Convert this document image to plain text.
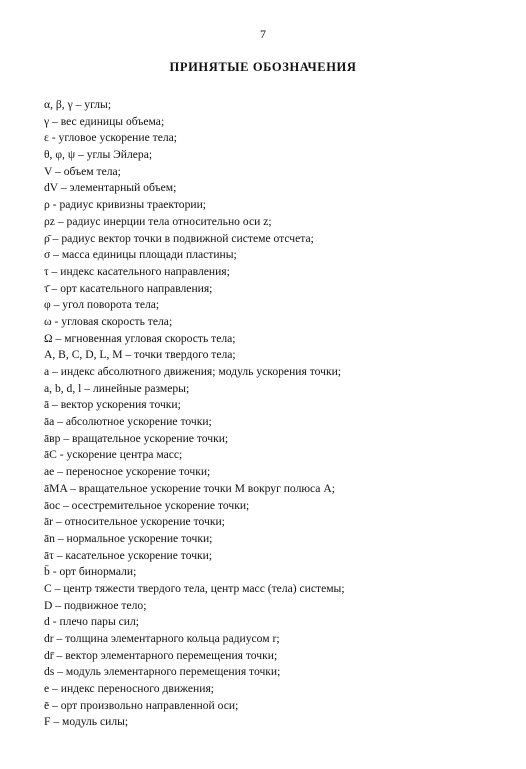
7
ПРИНЯТЫЕ ОБОЗНАЧЕНИЯ
α, β, γ – углы;
γ – вес единицы объема;
ε - угловое ускорение тела;
θ, φ, ψ – углы Эйлера;
V – объем тела;
dV – элементарный объем;
ρ - радиус кривизны траектории;
ρz – радиус инерции тела относительно оси z;
ρ̄ – радиус вектор точки в подвижной системе отсчета;
σ – масса единицы площади пластины;
τ – индекс касательного направления;
τ̄ – орт касательного направления;
φ – угол поворота тела;
ω - угловая скорость тела;
Ω – мгновенная угловая скорость тела;
A, B, C, D, L, M – точки твердого тела;
a – индекс абсолютного движения; модуль ускорения точки;
a, b, d, l – линейные размеры;
ā – вектор ускорения точки;
āa – абсолютное ускорение точки;
āвр – вращательное ускорение точки;
āC - ускорение центра масс;
ae – переносное ускорение точки;
āMA – вращательное ускорение точки M вокруг полюса A;
āoc – осестремительное ускорение точки;
ār – относительное ускорение точки;
ān – нормальное ускорение точки;
āτ – касательное ускорение точки;
b̄ - орт бинормали;
C – центр тяжести твердого тела, центр масс (тела) системы;
D – подвижное тело;
d - плечо пары сил;
dr – толщина элементарного кольца радиусом r;
dr̄ – вектор элементарного перемещения точки;
ds – модуль элементарного перемещения точки;
e – индекс переносного движения;
ē – орт произвольно направленной оси;
F – модуль силы;
